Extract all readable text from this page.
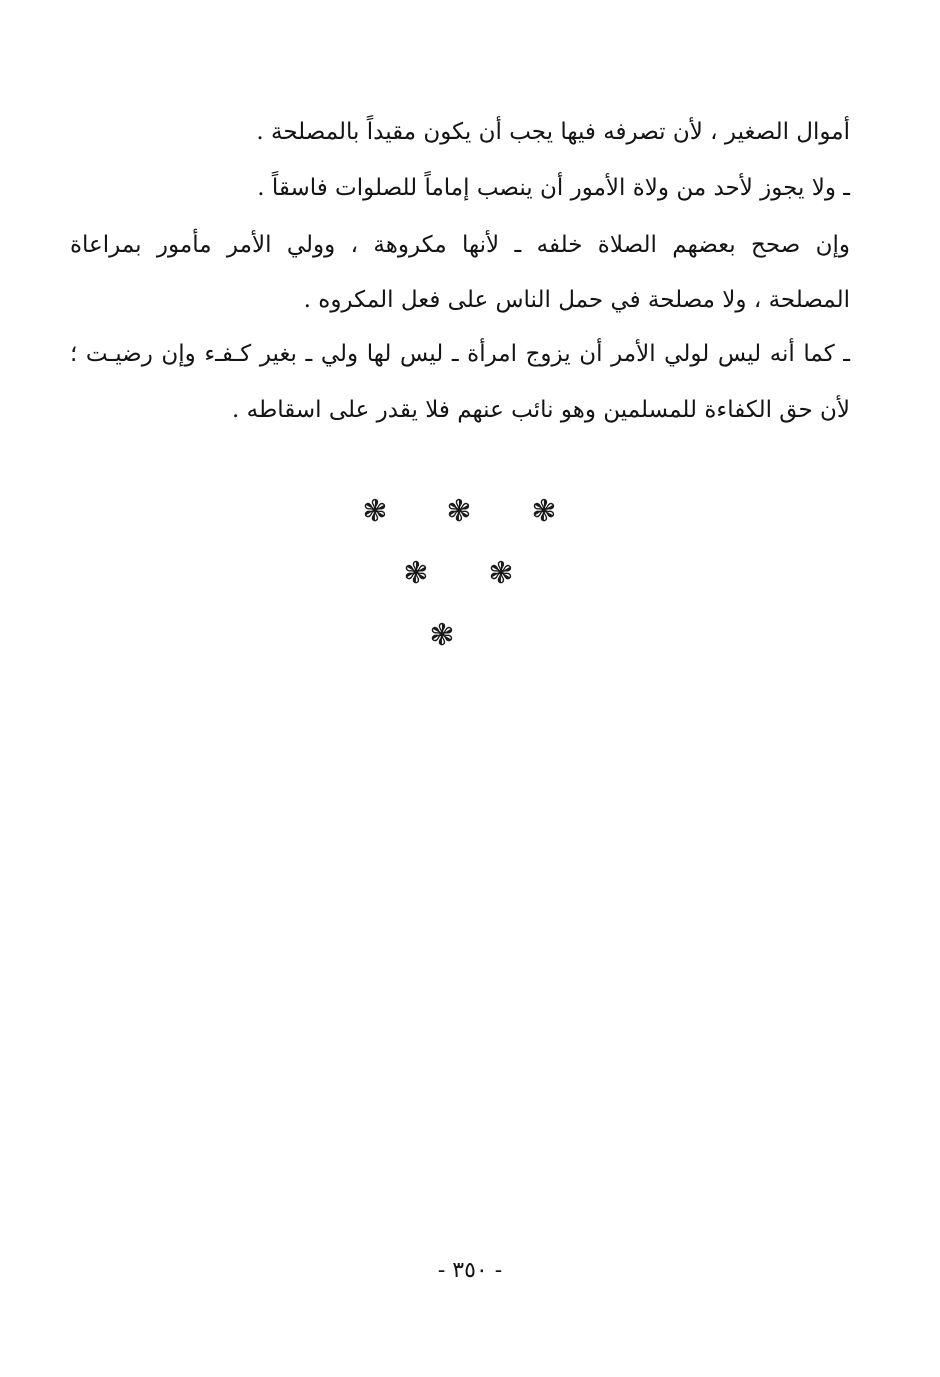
أموال الصغير ، لأن تصرفه فيها يجب أن يكون مقيداً بالمصلحة .
ـ ولا يجوز لأحد من ولاة الأمور أن ينصب إماماً للصلوات فاسقاً .
وإن صحح بعضهم الصلاة خلفه ـ لأنها مكروهة ، وولي الأمر مأمور بمراعاة
المصلحة ، ولا مصلحة في حمل الناس على فعل المكروه .
ـ كما أنه ليس لولي الأمر أن يزوج امرأة ـ ليس لها ولي ـ بغير كـفـء وإن رضيـت ؛
لأن حق الكفاءة للمسلمين وهو نائب عنهم فلا يقدر على اسقاطه .
❃ ❃ ❃
❃ ❃
❃
- ٣٥٠ -
